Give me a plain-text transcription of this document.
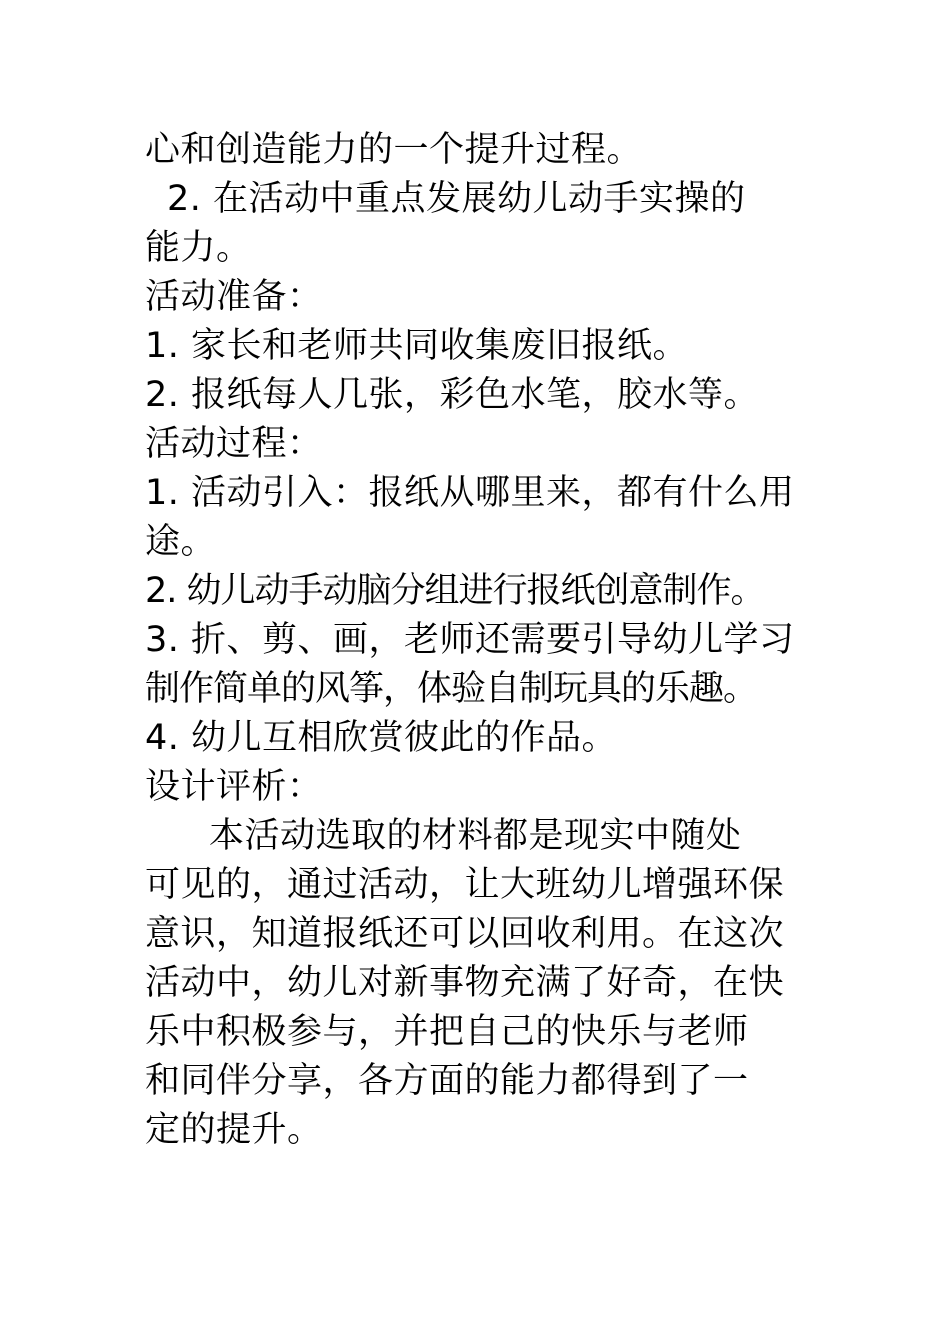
心和创造能力的一个提升过程。

2. 在活动中重点发展幼儿动手实操的

能力。

活动准备：

1. 家长和老师共同收集废旧报纸。

2. 报纸每人几张，彩色水笔，胶水等。

活动过程：

1. 活动引入：报纸从哪里来，都有什么用

途。

2. 幼儿动手动脑分组进行报纸创意制作。

3. 折、剪、画，老师还需要引导幼儿学习

制作简单的风筝，体验自制玩具的乐趣。

4. 幼儿互相欣赏彼此的作品。

设计评析：

本活动选取的材料都是现实中随处

可见的，通过活动，让大班幼儿增强环保

意识，知道报纸还可以回收利用。在这次

活动中，幼儿对新事物充满了好奇，在快

乐中积极参与，并把自己的快乐与老师

和同伴分享，各方面的能力都得到了一

定的提升。
